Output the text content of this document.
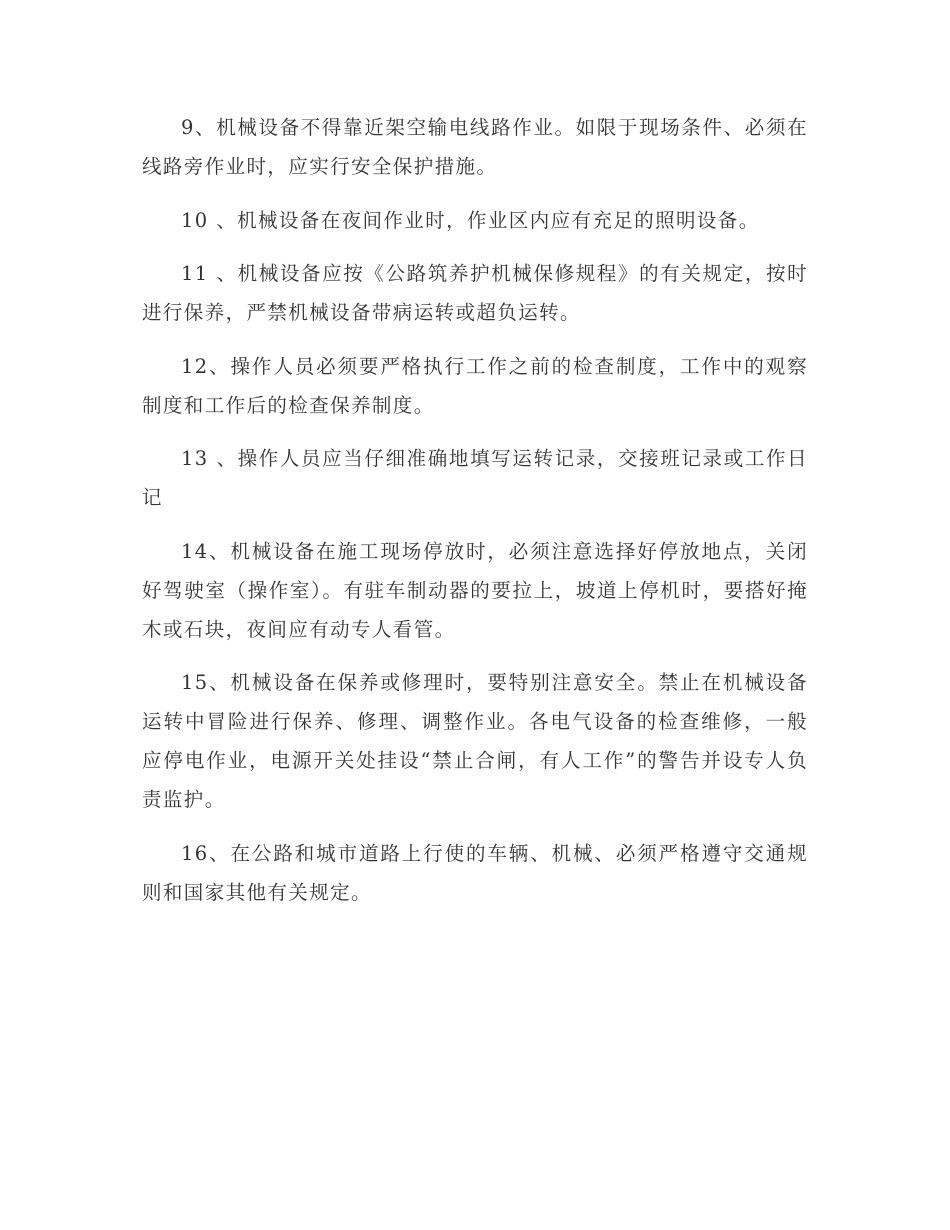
9、机械设备不得靠近架空输电线路作业。如限于现场条件、必须在线路旁作业时，应实行安全保护措施。

10 、机械设备在夜间作业时，作业区内应有充足的照明设备。

11 、机械设备应按《公路筑养护机械保修规程》的有关规定，按时进行保养，严禁机械设备带病运转或超负运转。

12、操作人员必须要严格执行工作之前的检查制度，工作中的观察制度和工作后的检查保养制度。

13 、操作人员应当仔细准确地填写运转记录，交接班记录或工作日记

14、机械设备在施工现场停放时，必须注意选择好停放地点，关闭好驾驶室（操作室）。有驻车制动器的要拉上，坡道上停机时，要搭好掩木或石块，夜间应有动专人看管。

15、机械设备在保养或修理时，要特别注意安全。禁止在机械设备运转中冒险进行保养、修理、调整作业。各电气设备的检查维修，一般应停电作业，电源开关处挂设“禁止合闸，有人工作”的警告并设专人负责监护。

16、在公路和城市道路上行使的车辆、机械、必须严格遵守交通规则和国家其他有关规定。
